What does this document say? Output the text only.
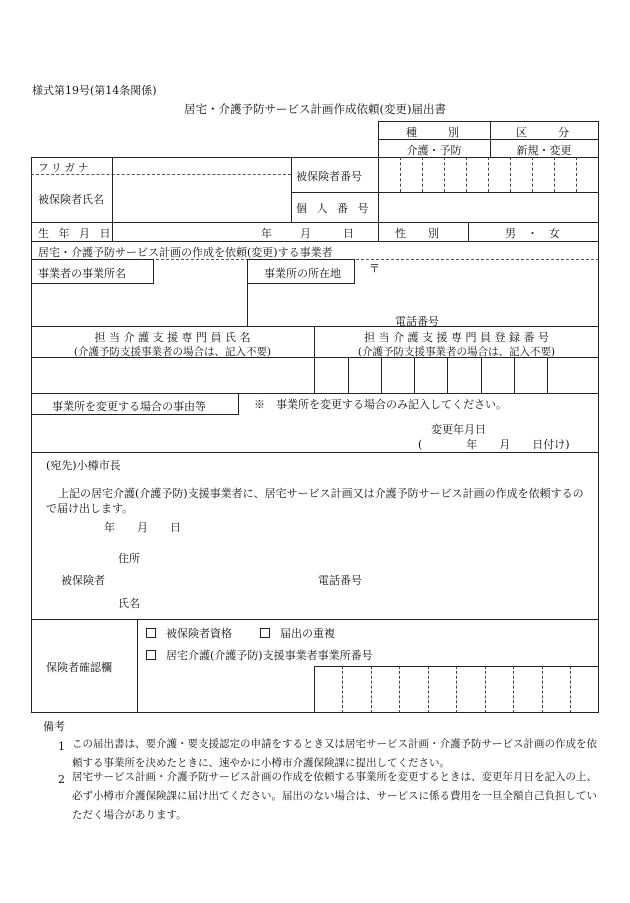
様式第19号(第14条関係)
居宅・介護予防サービス計画作成依頼(変更)届出書
種　　別	区　　分
介護・予防	新規・変更
フリガナ
被保険者氏名
被保険者番号
個 人 番 号
生 年 月 日	年	月	日	性　　別	男　・　女
居宅・介護予防サービス計画の作成を依頼(変更)する事業者
事業者の事業所名	事業所の所在地	〒
電話番号
担 当 介 護 支 援 専 門 員 氏 名
(介護予防支援事業者の場合は、記入不要)
担 当 介 護 支 援 専 門 員 登 録 番 号
(介護予防支援事業者の場合は、記入不要)
事業所を変更する場合の事由等	※　事業所を変更する場合のみ記入してください。
変更年月日
(　　　　年　　月　　日付け)
(宛先)小樽市長
上記の居宅介護(介護予防)支援事業者に、居宅サービス計画又は介護予防サービス計画の作成を依頼するので届け出します。
年　　月　　日
住所
被保険者	電話番号
氏名
保険者確認欄
被保険者資格	届出の重複
居宅介護(介護予防)支援事業者事業所番号
備考
1 この届出書は、要介護・要支援認定の申請をするとき又は居宅サービス計画・介護予防サービス計画の作成を依頼する事業所を決めたときに、速やかに小樽市介護保険課に提出してください。
2 居宅サービス計画・介護予防サービス計画の作成を依頼する事業所を変更するときは、変更年月日を記入の上、必ず小樽市介護保険課に届け出てください。届出のない場合は、サービスに係る費用を一旦全額自己負担していただく場合があります。
